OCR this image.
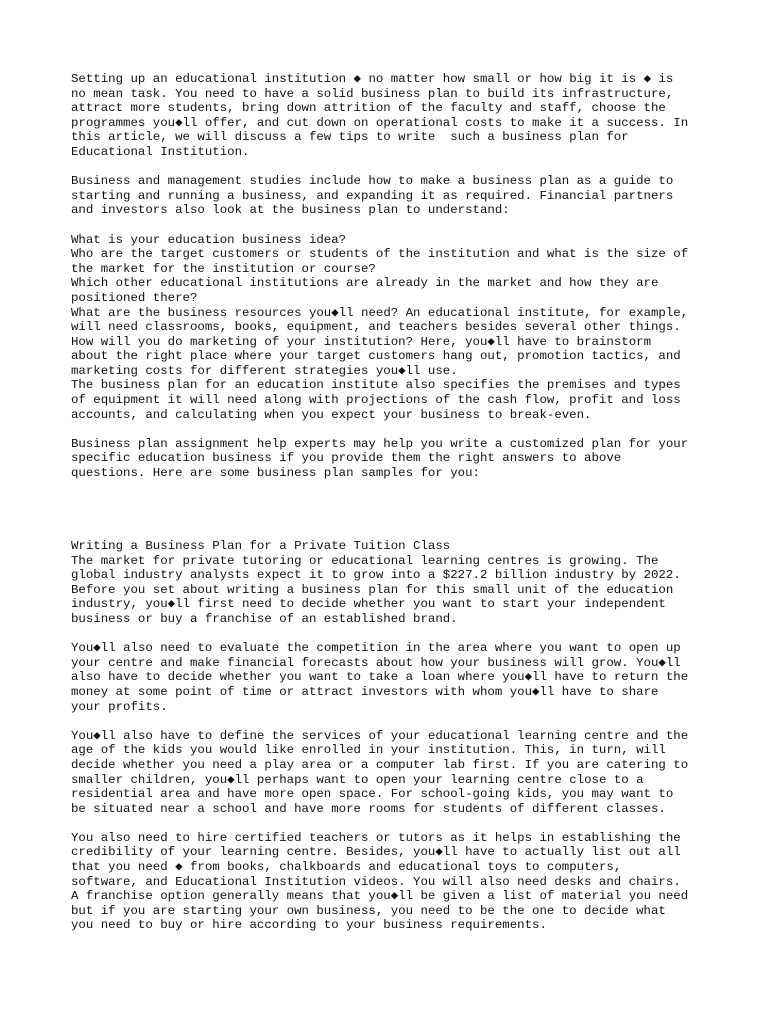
Setting up an educational institution ◆ no matter how small or how big it is ◆ is
no mean task. You need to have a solid business plan to build its infrastructure,
attract more students, bring down attrition of the faculty and staff, choose the
programmes you◆ll offer, and cut down on operational costs to make it a success. In
this article, we will discuss a few tips to write  such a business plan for
Educational Institution.
Business and management studies include how to make a business plan as a guide to
starting and running a business, and expanding it as required. Financial partners
and investors also look at the business plan to understand:
What is your education business idea?
Who are the target customers or students of the institution and what is the size of
the market for the institution or course?
Which other educational institutions are already in the market and how they are
positioned there?
What are the business resources you◆ll need? An educational institute, for example,
will need classrooms, books, equipment, and teachers besides several other things.
How will you do marketing of your institution? Here, you◆ll have to brainstorm
about the right place where your target customers hang out, promotion tactics, and
marketing costs for different strategies you◆ll use.
The business plan for an education institute also specifies the premises and types
of equipment it will need along with projections of the cash flow, profit and loss
accounts, and calculating when you expect your business to break-even.
Business plan assignment help experts may help you write a customized plan for your
specific education business if you provide them the right answers to above
questions. Here are some business plan samples for you:
Writing a Business Plan for a Private Tuition Class
The market for private tutoring or educational learning centres is growing. The
global industry analysts expect it to grow into a $227.2 billion industry by 2022.
Before you set about writing a business plan for this small unit of the education
industry, you◆ll first need to decide whether you want to start your independent
business or buy a franchise of an established brand.
You◆ll also need to evaluate the competition in the area where you want to open up
your centre and make financial forecasts about how your business will grow. You◆ll
also have to decide whether you want to take a loan where you◆ll have to return the
money at some point of time or attract investors with whom you◆ll have to share
your profits.
You◆ll also have to define the services of your educational learning centre and the
age of the kids you would like enrolled in your institution. This, in turn, will
decide whether you need a play area or a computer lab first. If you are catering to
smaller children, you◆ll perhaps want to open your learning centre close to a
residential area and have more open space. For school-going kids, you may want to
be situated near a school and have more rooms for students of different classes.
You also need to hire certified teachers or tutors as it helps in establishing the
credibility of your learning centre. Besides, you◆ll have to actually list out all
that you need ◆ from books, chalkboards and educational toys to computers,
software, and Educational Institution videos. You will also need desks and chairs.
A franchise option generally means that you◆ll be given a list of material you need
but if you are starting your own business, you need to be the one to decide what
you need to buy or hire according to your business requirements.
